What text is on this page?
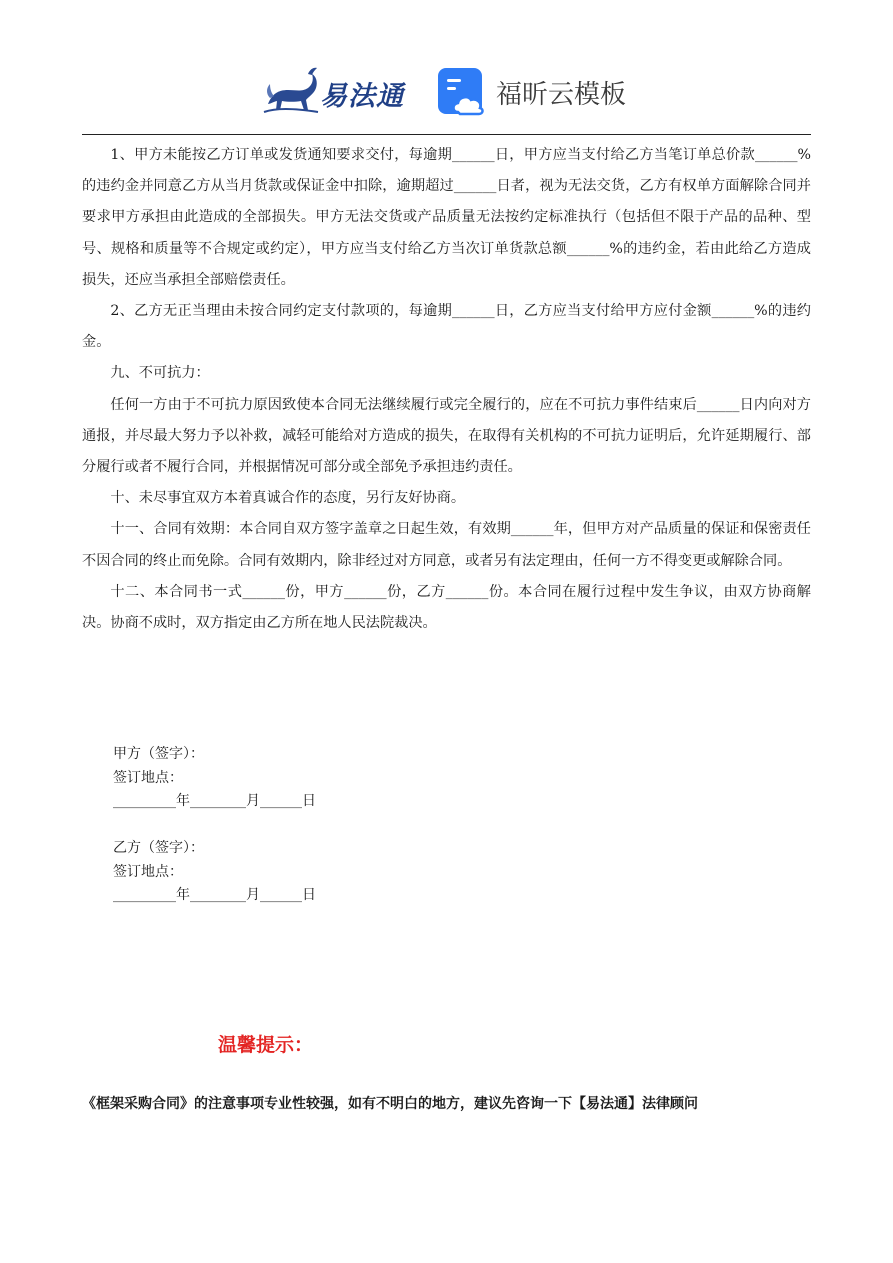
易法通	福昕云模板

1、甲方未能按乙方订单或发货通知要求交付，每逾期______日，甲方应当支付给乙方当笔订单总价款______%的违约金并同意乙方从当月货款或保证金中扣除，逾期超过______日者，视为无法交货，乙方有权单方面解除合同并要求甲方承担由此造成的全部损失。甲方无法交货或产品质量无法按约定标准执行（包括但不限于产品的品种、型号、规格和质量等不合规定或约定），甲方应当支付给乙方当次订单货款总额______%的违约金，若由此给乙方造成损失，还应当承担全部赔偿责任。

2、乙方无正当理由未按合同约定支付款项的，每逾期______日，乙方应当支付给甲方应付金额______%的违约金。

九、不可抗力：

任何一方由于不可抗力原因致使本合同无法继续履行或完全履行的，应在不可抗力事件结束后______日内向对方通报，并尽最大努力予以补救，减轻可能给对方造成的损失，在取得有关机构的不可抗力证明后，允许延期履行、部分履行或者不履行合同，并根据情况可部分或全部免予承担违约责任。

十、未尽事宜双方本着真诚合作的态度，另行友好协商。

十一、合同有效期：本合同自双方签字盖章之日起生效，有效期______年，但甲方对产品质量的保证和保密责任不因合同的终止而免除。合同有效期内，除非经过对方同意，或者另有法定理由，任何一方不得变更或解除合同。

十二、本合同书一式______份，甲方______份，乙方______份。本合同在履行过程中发生争议，由双方协商解决。协商不成时，双方指定由乙方所在地人民法院裁决。

甲方（签字）：
签订地点：
_________年________月______日
乙方（签字）：
签订地点：
_________年________月______日
温馨提示：
《框架采购合同》的注意事项专业性较强，如有不明白的地方，建议先咨询一下【易法通】法律顾问
